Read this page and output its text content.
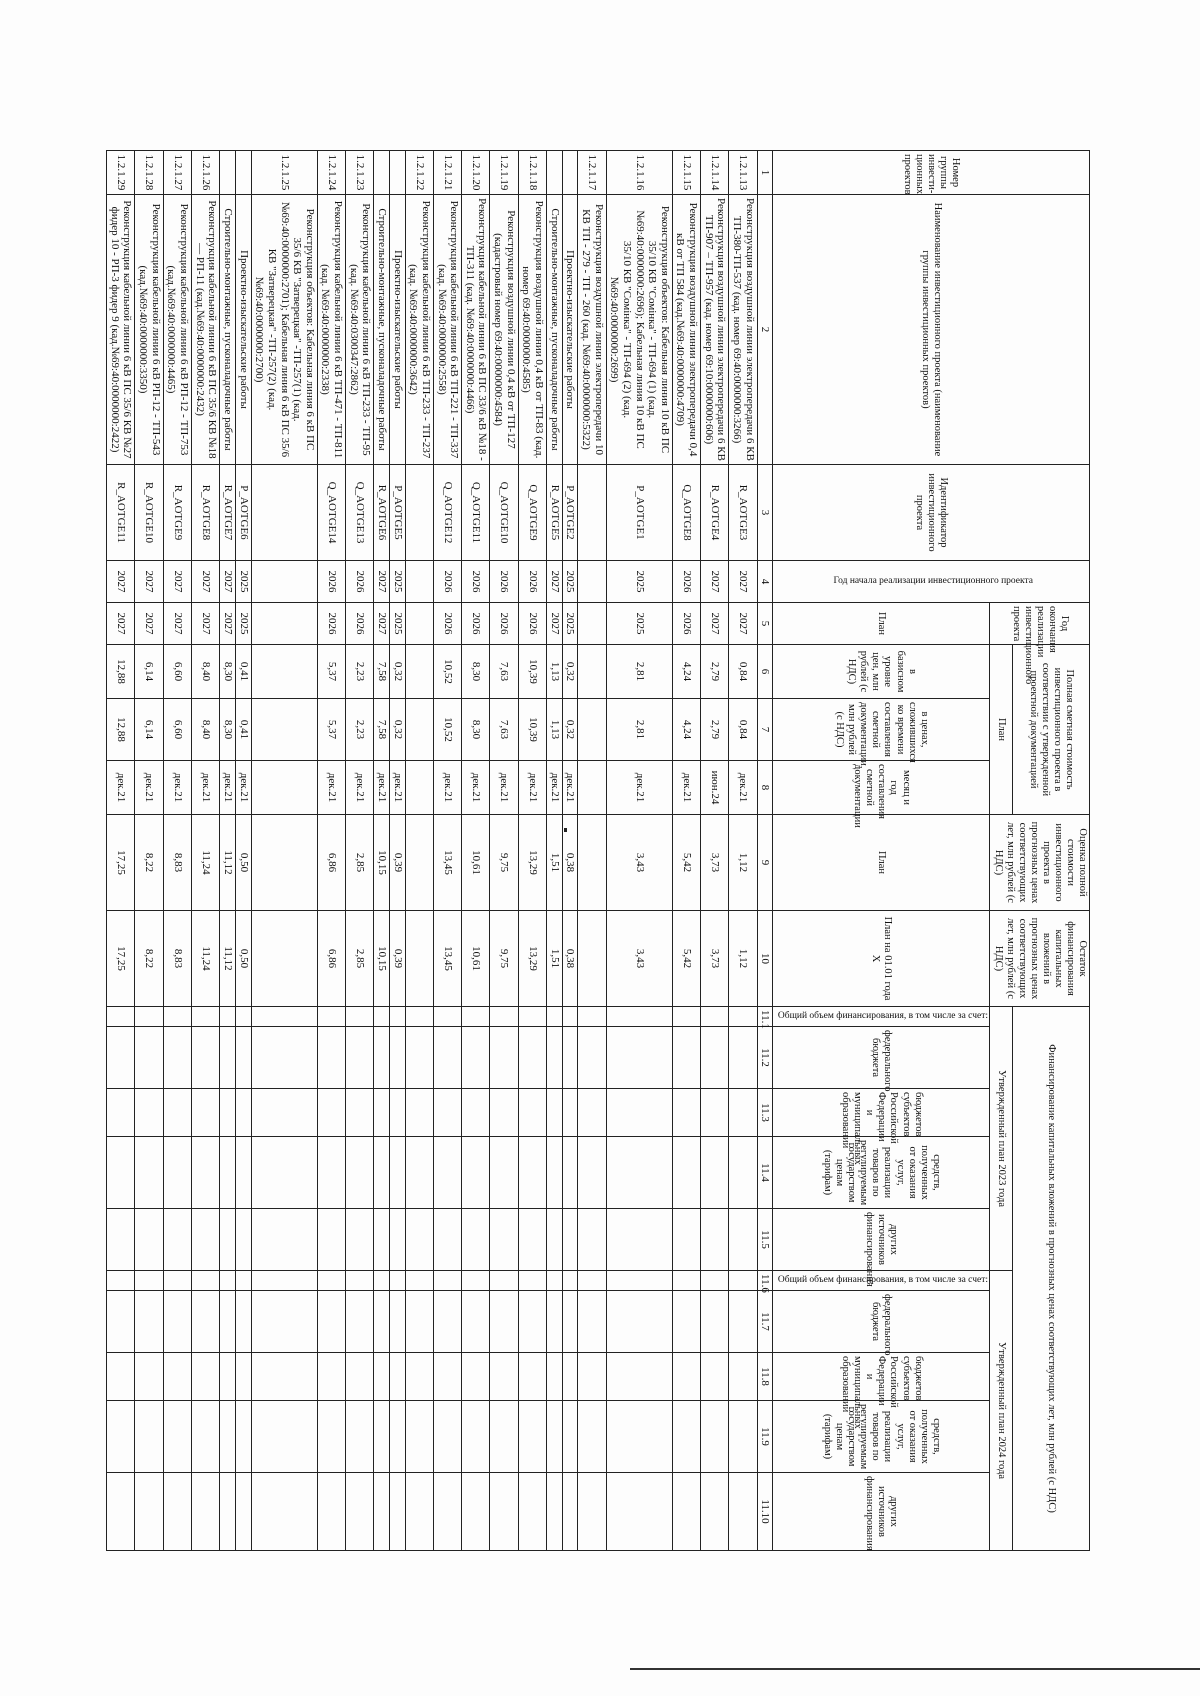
Номер группы инвести-ционных проектов	Наименование инвестиционного проекта (наименование группы инвестиционных проектов)	Идентификатор инвестиционного проекта	Год начала реализации инвестиционного проекта	Год окончания реализации инвестиционного проекта	Полная сметная стоимость инвестиционного проекта в соответствии с утвержденной проектной документацией			Оценка полной стоимости инвестиционного проекта в прогнозных ценах соответствующих лет, млн рублей (с НДС)	Остаток финансирования капитальных вложений в прогнозных ценах соответствующих лет, млн рублей (с НДС)	Финансирование капитальных вложений в прогнозных ценах соответствующих лет, млн рублей (с НДС)									
					План					Утвержденный план 2023 года					Утвержденный план 2024 года				
				План	в базисном уровне цен, млн рублей (с НДС)	в ценах, сложившихся ко времени составления сметной документации, млн рублей (с НДС)	месяц и год составления сметной документации	План	План на 01.01 года X	Общий объем финансирования, в том числе за счет:	федерального бюджета	бюджетов субъектов Российской Федерации и муниципальных образований	средств, полученных от оказания услуг, реализации товаров по регулируемым государством ценам (тарифам)	других источников финансирования	Общий объем финансирования, в том числе за счет:	федерального бюджета	бюджетов субъектов Российской Федерации и муниципальных образований	средств, полученных от оказания услуг, реализации товаров по регулируемым государством ценам (тарифам)	других источников финансирования
1	2	3	4	5	6	7	8	9	10	11.1	11.2	11.3	11.4	11.5	11.6	11.7	11.8	11.9	11.10
1.2.1.13	Реконструкция воздушной линии электропередачи 6 КВ ТП-380-ТП-537 (кад. номер 69:40:0000000:3266)	R_AOTGE3	2027	2027	0,84	0,84	дек.21	1,12	1,12										
1.2.1.14	Реконструкция воздушной линии электропередачи 6 КВ ТП-907 – ТП-957 (кад. номер 69:10:0000000:606)	R_AOTGE4	2027	2027	2,79	2,79	июн.24	3,73	3,73										
1.2.1.15	Реконструкция воздушной линии электропередачи 0,4 кВ от ТП 584 (кад.№69:40:0000000:4709)	Q_AOTGE8	2026	2026	4,24	4,24	дек.21	5,42	5,42										
1.2.1.16	Реконструкция объектов: Кабельная линия 10 кВ ПС 35/10 КВ "Сомінка" - ТП-694 (1) (кад. №69:40:0000000:2696); Кабельная линия 10 кВ ПС 35/10 КВ "Сомінка" - ТП-694 (2) (кад. №69:40:0000000:2699)	P_AOTGE1	2025	2025	2,81	2,81	дек.21	3,43	3,43										
1.2.1.17	Реконструкция воздушной линии электропередачи 10 КВ ТП - 279 - ТП - 260 (кад. №69:40:0000000:5322)																		
	Проектно-изыскательские работы	P_AOTGE2	2025	2025	0,32	0,32	дек.21	0,38	0,38										
	Строительно-монтажные, пусконаладочные работы	R_AOTGE5	2027	2027	1,13	1,13	дек.21	1,51	1,51										
1.2.1.18	Реконструкция воздушной линии 0,4 кВ от ТП-83 (кад. номер 69:40:0000000:4585)	Q_AOTGE9	2026	2026	10,39	10,39	дек.21	13,29	13,29										
1.2.1.19	Реконструкция воздушной линии 0,4 кВ от ТП-127 (кадастровый номер 69:40:0000000:4584)	Q_AOTGE10	2026	2026	7,63	7,63	дек.21	9,75	9,75										
1.2.1.20	Реконструкция кабельной линии 6 кВ ПС 33/6 кВ №18 - ТП-311 (кад. №69:40:0000000:4466)	Q_AOTGE11	2026	2026	8,30	8,30	дек.21	10,61	10,61										
1.2.1.21	Реконструкция кабельной линии 6 кВ ТП-221 - ТП-337 (кад. №69:40:0000000:2558)	Q_AOTGE12	2026	2026	10,52	10,52	дек.21	13,45	13,45										
1.2.1.22	Реконструкция кабельной линии 6 кВ ТП-233 - ТП-237 (кад. №69:40:0000000:3642)																		
	Проектно-изыскательские работы	P_AOTGE5	2025	2025	0,32	0,32	дек.21	0,39	0,39										
	Строительно-монтажные, пусконаладочные работы	R_AOTGE6	2027	2027	7,58	7,58	дек.21	10,15	10,15										
1.2.1.23	Реконструкция кабельной линии 6 кВ ТП-233 - ТП-95 (кад. №69:40:0300347:2862)	Q_AOTGE13	2026	2026	2,23	2,23	дек.21	2,85	2,85										
1.2.1.24	Реконструкция кабельной линии 6 кВ ТП-471 - ТП-811 (кад. №69:40:0000000:2338)	Q_AOTGE14	2026	2026	5,37	5,37	дек.21	6,86	6,86										
1.2.1.25	Реконструкция объектов: Кабельная линия 6 кВ ПС 35/6 КВ "Затверецкая" -ТП-257(1) (кад.№69:40:0000000:2701); Кабельная линия 6 кВ ПС 35/6 КВ "Затверецкая" -ТП-257(2) (кад.№69:40:0000000:2700)																		
	Проектно-изыскательские работы	P_AOTGE6	2025	2025	0,41	0,41	дек.21	0,50	0,50										
	Строительно-монтажные, пусконаладочные работы	R_AOTGE7	2027	2027	8,30	8,30	дек.21	11,12	11,12										
1.2.1.26	Реконструкция кабельной линии 6 кВ ПС 35/6 КВ №18 — РП-11 (кад.№69:40:0000000:2432)	R_AOTGE8	2027	2027	8,40	8,40	дек.21	11,24	11,24										
1.2.1.27	Реконструкция кабельной линии 6 кВ РП-12 - ТП-753 (кад.№69:40:0000000:4465)	R_AOTGE9	2027	2027	6,60	6,60	дек.21	8,83	8,83										
1.2.1.28	Реконструкция кабельной линии 6 кВ РП-12 - ТП-543 (кад.№69:40:0000000:3350)	R_AOTGE10	2027	2027	6,14	6,14	дек.21	8,22	8,22										
1.2.1.29	Реконструкция кабельной линии 6 кВ ПС 35/6 КВ №27 фидер 10 - РП-3 фидер 9 (кад.№69:40:0000000:2422)	R_AOTGE11	2027	2027	12,88	12,88	дек.21	17,25	17,25										
